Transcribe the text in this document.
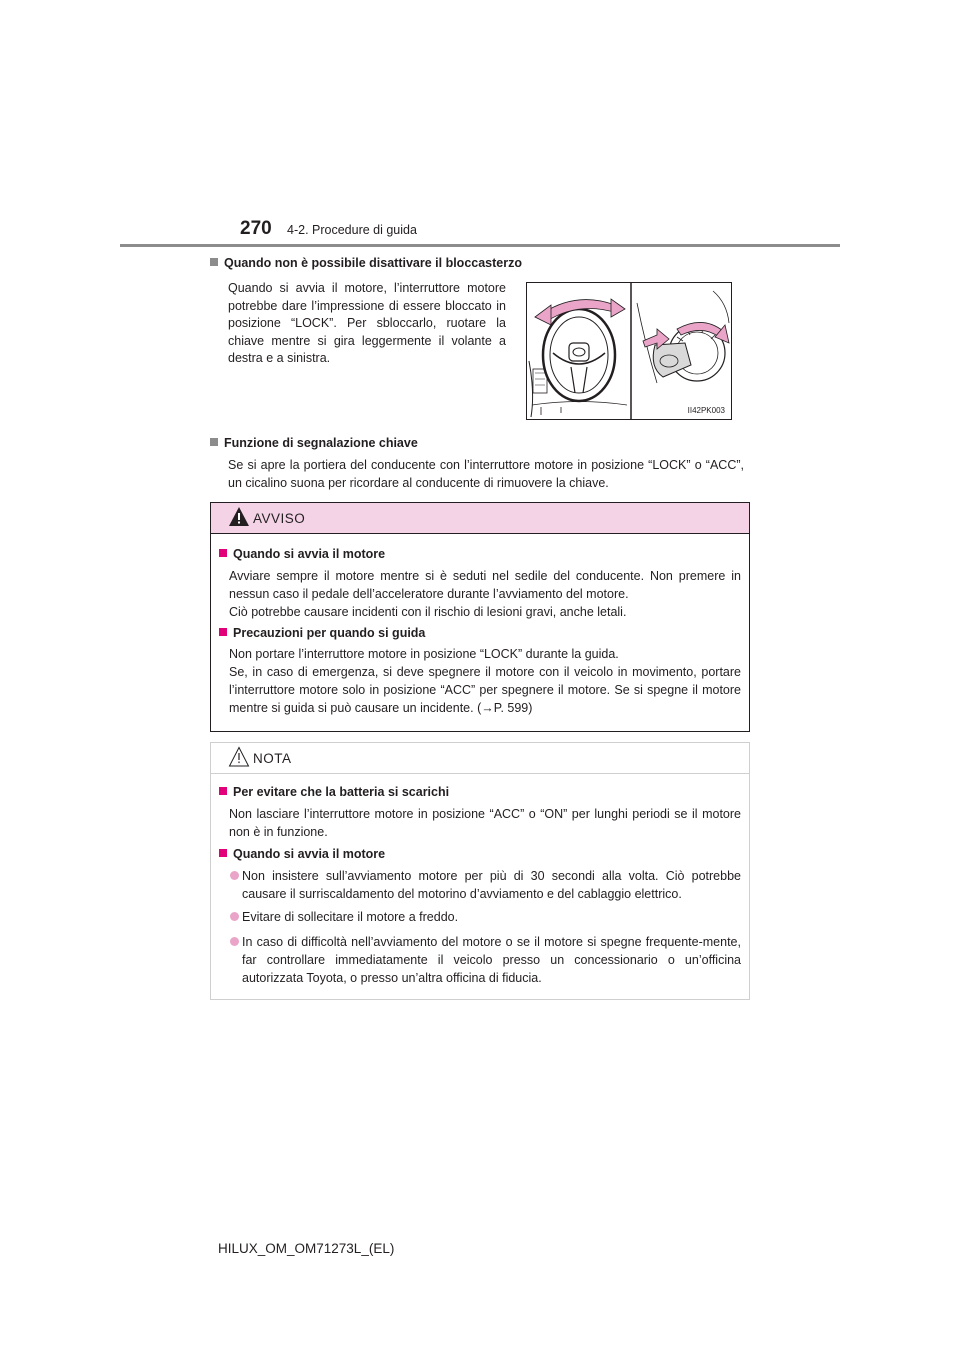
270 4-2. Procedure di guida
Quando non è possibile disattivare il bloccasterzo
Quando si avvia il motore, l’interruttore motore potrebbe dare l’impressione di essere bloccato in posizione “LOCK”. Per sbloccarlo, ruotare la chiave mentre si gira leggermente il volante a destra e a sinistra.
II42PK003
Funzione di segnalazione chiave
Se si apre la portiera del conducente con l’interruttore motore in posizione “LOCK” o “ACC”, un cicalino suona per ricordare al conducente di rimuovere la chiave.
AVVISO
Quando si avvia il motore
Avviare sempre il motore mentre si è seduti nel sedile del conducente. Non premere in nessun caso il pedale dell’acceleratore durante l’avviamento del motore.
Ciò potrebbe causare incidenti con il rischio di lesioni gravi, anche letali.
Precauzioni per quando si guida
Non portare l’interruttore motore in posizione “LOCK” durante la guida.
Se, in caso di emergenza, si deve spegnere il motore con il veicolo in movimento, portare l’interruttore motore solo in posizione “ACC” per spegnere il motore. Se si spegne il motore mentre si guida si può causare un incidente. (→P. 599)
NOTA
Per evitare che la batteria si scarichi
Non lasciare l’interruttore motore in posizione “ACC” o “ON” per lunghi periodi se il motore non è in funzione.
Quando si avvia il motore
Non insistere sull’avviamento motore per più di 30 secondi alla volta. Ciò potrebbe causare il surriscaldamento del motorino d’avviamento e del cablaggio elettrico.
Evitare di sollecitare il motore a freddo.
In caso di difficoltà nell’avviamento del motore o se il motore si spegne frequente-mente, far controllare immediatamente il veicolo presso un concessionario o un’officina autorizzata Toyota, o presso un’altra officina di fiducia.
HILUX_OM_OM71273L_(EL)
